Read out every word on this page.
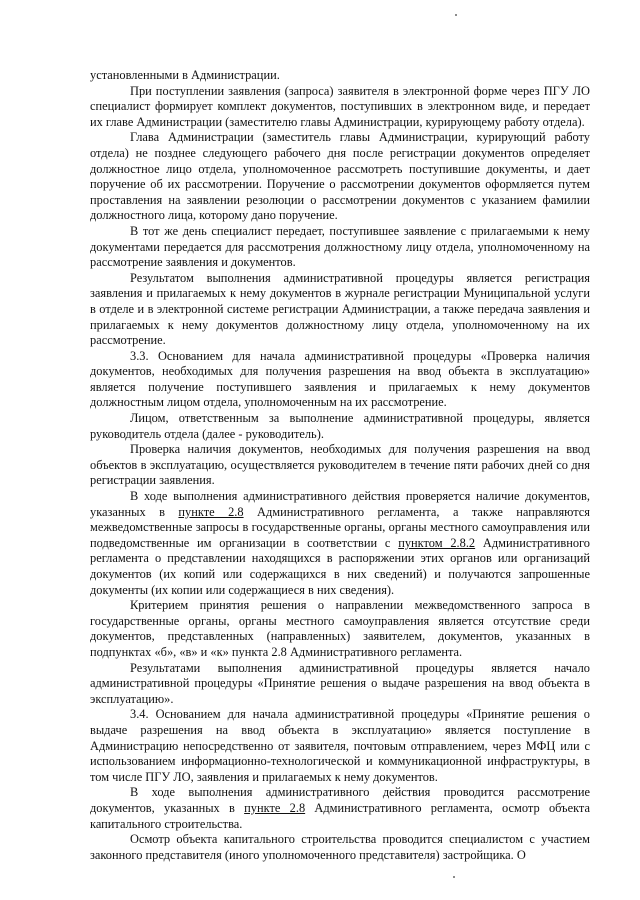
установленными в Администрации.

При поступлении заявления (запроса) заявителя в электронной форме через ПГУ ЛО специалист формирует комплект документов, поступивших в электронном виде, и передает их главе Администрации (заместителю главы Администрации, курирующему работу отдела).

Глава Администрации (заместитель главы Администрации, курирующий работу отдела) не позднее следующего рабочего дня после регистрации документов определяет должностное лицо отдела, уполномоченное рассмотреть поступившие документы, и дает поручение об их рассмотрении. Поручение о рассмотрении документов оформляется путем проставления на заявлении резолюции о рассмотрении документов с указанием фамилии должностного лица, которому дано поручение.

В тот же день специалист передает, поступившее заявление с прилагаемыми к нему документами передается для рассмотрения должностному лицу отдела, уполномоченному на рассмотрение заявления и документов.

Результатом выполнения административной процедуры является регистрация заявления и прилагаемых к нему документов в журнале регистрации Муниципальной услуги в отделе и в электронной системе регистрации Администрации, а также передача заявления и прилагаемых к нему документов должностному лицу отдела, уполномоченному на их рассмотрение.

3.3. Основанием для начала административной процедуры «Проверка наличия документов, необходимых для получения разрешения на ввод объекта в эксплуатацию» является получение поступившего заявления и прилагаемых к нему документов должностным лицом отдела, уполномоченным на их рассмотрение.

Лицом, ответственным за выполнение административной процедуры, является руководитель отдела (далее - руководитель).

Проверка наличия документов, необходимых для получения разрешения на ввод объектов в эксплуатацию, осуществляется руководителем в течение пяти рабочих дней со дня регистрации заявления.

В ходе выполнения административного действия проверяется наличие документов, указанных в пункте 2.8 Административного регламента, а также направляются межведомственные запросы в государственные органы, органы местного самоуправления или подведомственные им организации в соответствии с пунктом 2.8.2 Административного регламента о представлении находящихся в распоряжении этих органов или организаций документов (их копий или содержащихся в них сведений) и получаются запрошенные документы (их копии или содержащиеся в них сведения).

Критерием принятия решения о направлении межведомственного запроса в государственные органы, органы местного самоуправления является отсутствие среди документов, представленных (направленных) заявителем, документов, указанных в подпунктах «б», «в» и «к» пункта 2.8 Административного регламента.

Результатами выполнения административной процедуры является начало административной процедуры «Принятие решения о выдаче разрешения на ввод объекта в эксплуатацию».

3.4. Основанием для начала административной процедуры «Принятие решения о выдаче разрешения на ввод объекта в эксплуатацию» является поступление в Администрацию непосредственно от заявителя, почтовым отправлением, через МФЦ или с использованием информационно-технологической и коммуникационной инфраструктуры, в том числе ПГУ ЛО, заявления и прилагаемых к нему документов.

В ходе выполнения административного действия проводится рассмотрение документов, указанных в пункте 2.8 Административного регламента, осмотр объекта капитального строительства.

Осмотр объекта капитального строительства проводится специалистом с участием законного представителя (иного уполномоченного представителя) застройщика. О
